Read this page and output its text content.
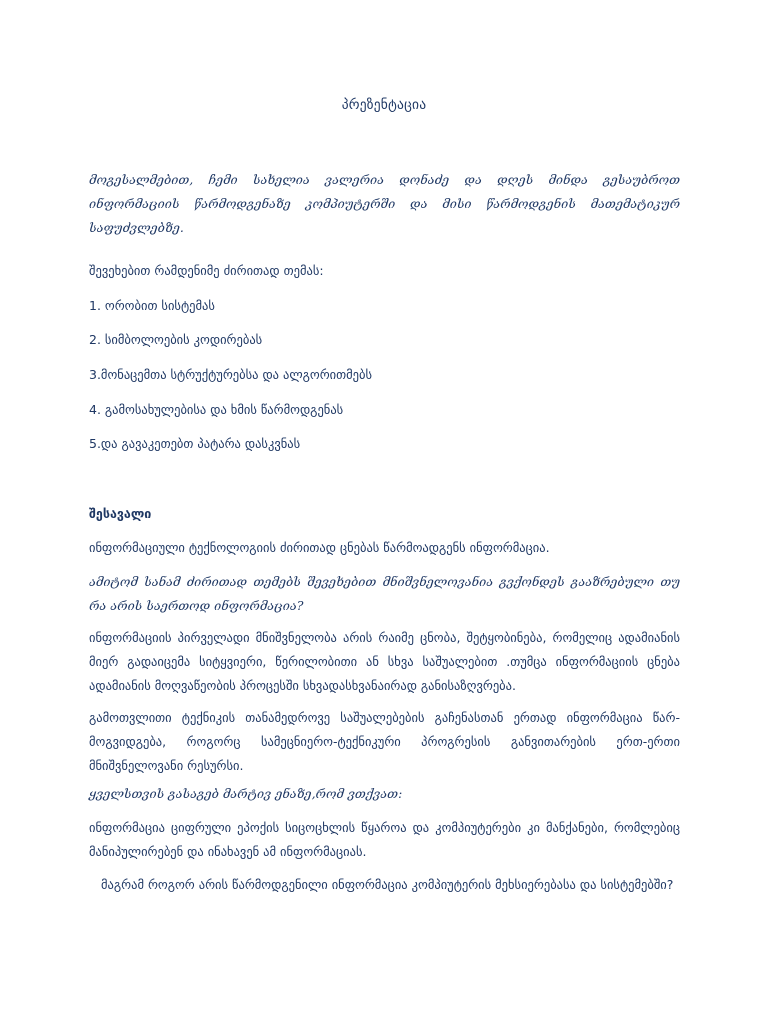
პრეზენტაცია
მოგესალმებით, ჩემი სახელია ვალერია დონაძე და დღეს მინდა გესაუბროთ ინფორმაციის წარმოდგენაზე კომპიუტერში და მისი წარმოდგენის მათემატიკურ საფუძვლებზე.
შევეხებით რამდენიმე ძირითად თემას:
1. ორობით სისტემას
2. სიმბოლოების კოდირებას
3.მონაცემთა სტრუქტურებსა და ალგორითმებს
4. გამოსახულებისა და ხმის წარმოდგენას
5.და გავაკეთებთ პატარა დასკვნას
შესავალი
ინფორმაციული ტექნოლოგიის ძირითად ცნებას წარმოადგენს ინფორმაცია.
ამიტომ სანამ ძირითად თემებს შევეხებით მნიშვნელოვანია გვქონდეს გააზრებული თუ რა არის საერთოდ ინფორმაცია?
ინფორმაციის პირველადი მნიშვნელობა არის რაიმე ცნობა, შეტყობინება, რომელიც ადამიანის მიერ გადაიცემა სიტყვიერი, წერილობითი ან სხვა საშუალებით .თუმცა ინფორმაციის ცნება ადამიანის მოღვაწეობის პროცესში სხვადასხვანაირად განისაზღვრება.
გამოთვლითი ტექნიკის თანამედროვე საშუალებების გაჩენასთან ერთად ინფორმაცია წარ-მოგვიდგება, როგორც სამეცნიერო-ტექნიკური პროგრესის განვითარების ერთ-ერთი მნიშვნელოვანი რესურსი.
ყველსთვის გასაგებ მარტივ ენაზე,რომ ვთქვათ:
ინფორმაცია ციფრული ეპოქის სიცოცხლის წყაროა და კომპიუტერები კი მანქანები, რომლებიც მანიპულირებენ და ინახავენ ამ ინფორმაციას.
მაგრამ როგორ არის წარმოდგენილი ინფორმაცია კომპიუტერის მეხსიერებასა და სისტემებში?
